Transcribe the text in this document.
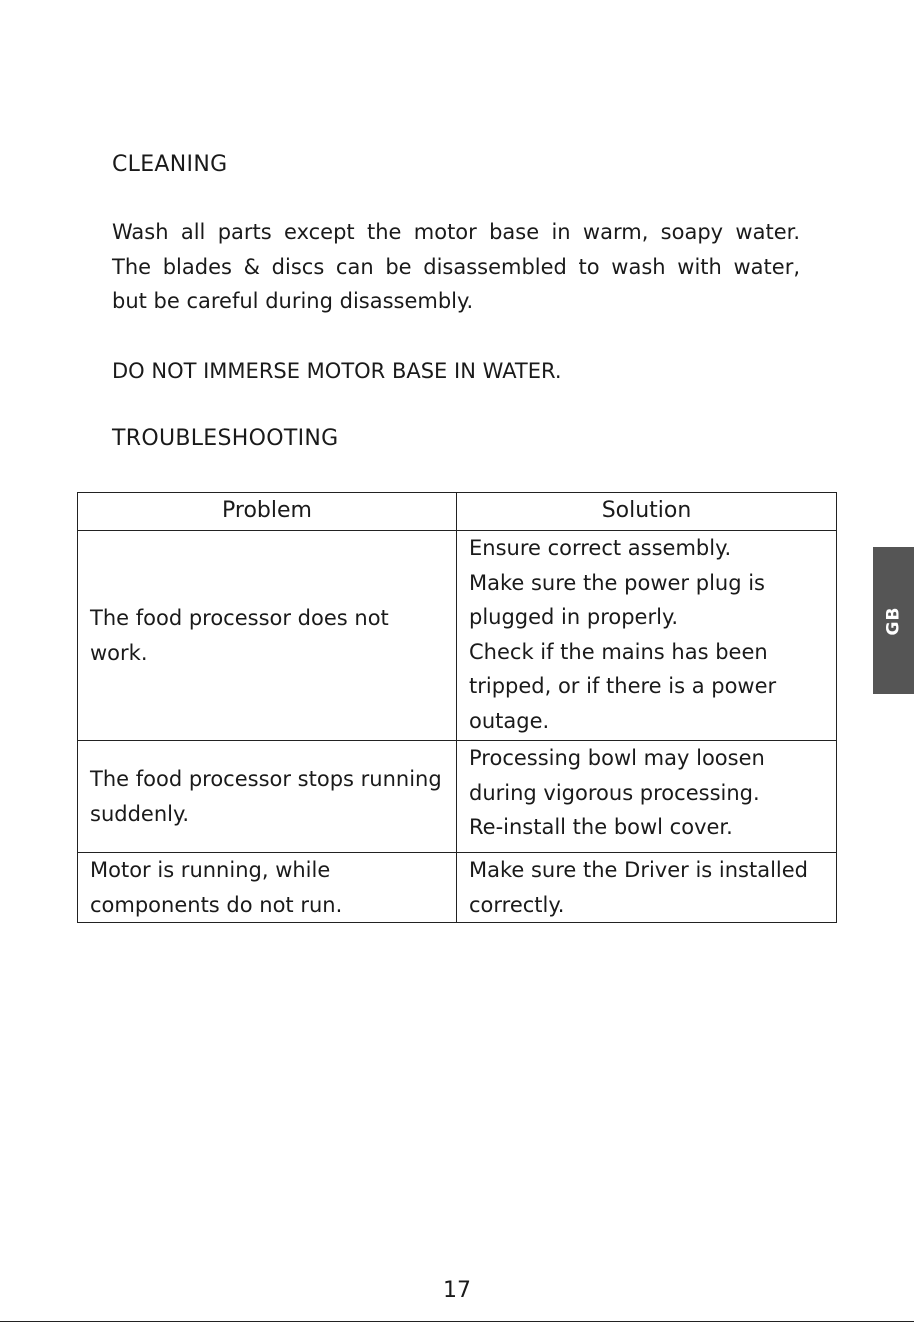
CLEANING

Wash all parts except the motor base in warm, soapy water.
The blades & discs can be disassembled to wash with water,
but be careful during disassembly.

DO NOT IMMERSE MOTOR BASE IN WATER.

TROUBLESHOOTING
Problem	Solution

The food processor does not work.	Ensure correct assembly.
Make sure the power plug is plugged in properly.
Check if the mains has been tripped, or if there is a power outage.

The food processor stops running suddenly.	Processing bowl may loosen during vigorous processing.
Re-install the bowl cover.

Motor is running, while components do not run.	Make sure the Driver is installed correctly.
GB
17
